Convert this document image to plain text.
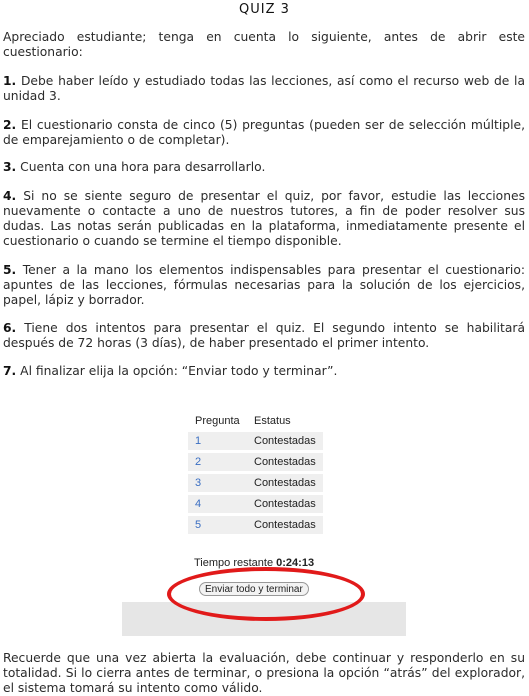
QUIZ 3

Apreciado estudiante; tenga en cuenta lo siguiente, antes de abrir este cuestionario:

1. Debe haber leído y estudiado todas las lecciones, así como el recurso web de la unidad 3.

2. El cuestionario consta de cinco (5) preguntas (pueden ser de selección múltiple, de emparejamiento o de completar).

3. Cuenta con una hora para desarrollarlo.

4. Si no se siente seguro de presentar el quiz, por favor, estudie las lecciones nuevamente o contacte a uno de nuestros tutores, a fin de poder resolver sus dudas. Las notas serán publicadas en la plataforma, inmediatamente presente el cuestionario o cuando se termine el tiempo disponible.

5. Tener a la mano los elementos indispensables para presentar el cuestionario: apuntes de las lecciones, fórmulas necesarias para la solución de los ejercicios, papel, lápiz y borrador.

6. Tiene dos intentos para presentar el quiz. El segundo intento se habilitará después de 72 horas (3 días), de haber presentado el primer intento.

7. Al finalizar elija la opción: “Enviar todo y terminar”.

Pregunta	Estatus
1	Contestadas
2	Contestadas
3	Contestadas
4	Contestadas
5	Contestadas
Tiempo restante 0:24:13
Enviar todo y terminar

Recuerde que una vez abierta la evaluación, debe continuar y responderlo en su totalidad. Si lo cierra antes de terminar, o presiona la opción “atrás” del explorador, el sistema tomará su intento como válido.
